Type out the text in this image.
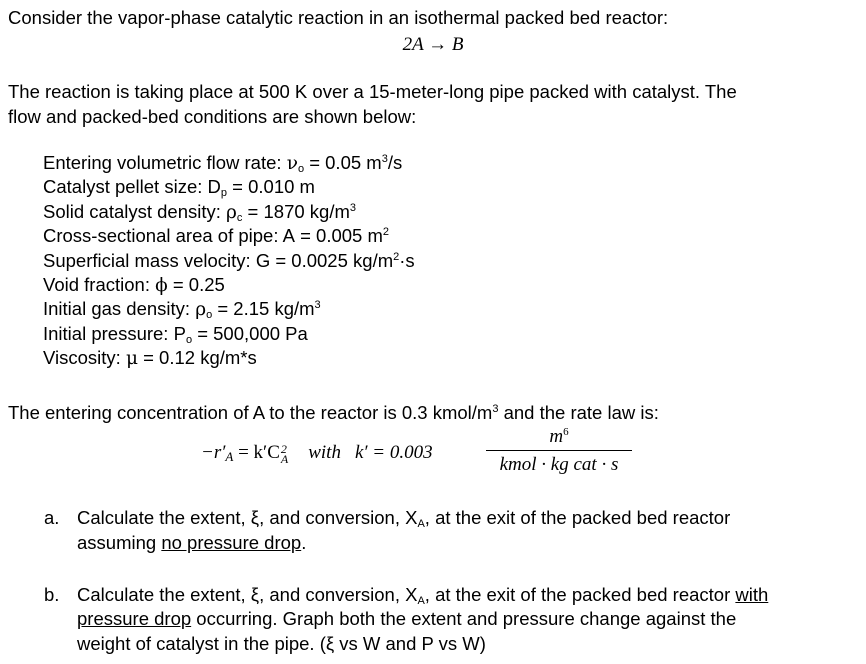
Consider the vapor-phase catalytic reaction in an isothermal packed bed reactor:
2A → B
The reaction is taking place at 500 K over a 15-meter-long pipe packed with catalyst. The
flow and packed-bed conditions are shown below:
Entering volumetric flow rate: $\nu_o = 0.05$ $m^3/s$
Catalyst pellet size: $D_p = 0.010$ m
Solid catalyst density: $\rho_c = 1870$ $kg/m^3$
Cross-sectional area of pipe: A = 0.005 $m^2$
Superficial mass velocity: G = 0.0025 $kg/m^2\cdot s$
Void fraction: ϕ = 0.25
Initial gas density: $\rho_o = 2.15$ $kg/m^3$
Initial pressure: $P_o = 500,000$ Pa
Viscosity: μ = 0.12 kg/m*s
The entering concentration of A to the reactor is 0.3 kmol/$m^3$ and the rate law is:
$-r'_A = k'C$ 2
A with k′ = 0.003
$m^6$
kmol · kg cat · s
a. Calculate the extent, ξ, and conversion, $X_A$, at the exit of the packed bed reactor
assuming no pressure drop.
b. Calculate the extent, ξ, and conversion, $X_A$, at the exit of the packed bed reactor with
pressure drop occurring. Graph both the extent and pressure change against the
weight of catalyst in the pipe. (ξ vs W and P vs W)
